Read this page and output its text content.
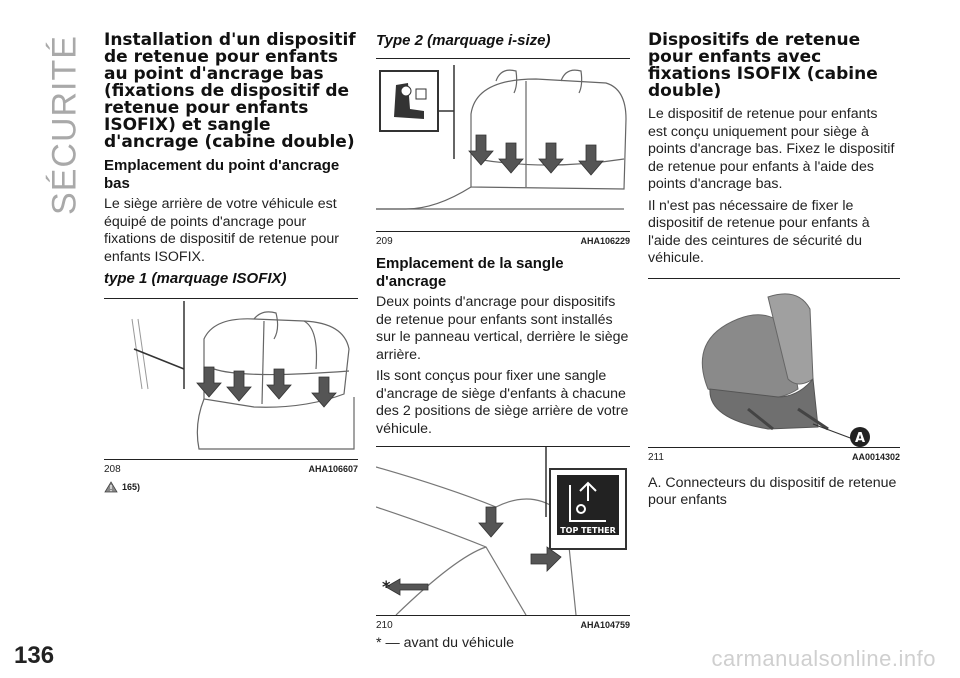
SÉCURITÉ Installation d'un dispositif de retenue pour enfants au point d'ancrage bas (fixations de dispositif de retenue pour enfants ISOFIX) et sangle d'ancrage (cabine double)
Emplacement du point d'ancrage bas
Le siège arrière de votre véhicule est équipé de points d'ancrage pour fixations de dispositif de retenue pour enfants ISOFIX.
type 1 (marquage ISOFIX)
208	AHA106607
165)
Type 2 (marquage i-size)
209	AHA106229
Emplacement de la sangle d'ancrage
Deux points d'ancrage pour dispositifs de retenue pour enfants sont installés sur le panneau vertical, derrière le siège arrière.
Ils sont conçus pour fixer une sangle d'ancrage de siège d'enfants à chacune des 2 positions de siège arrière de votre véhicule.
TOP TETHER
*
210	AHA104759
* — avant du véhicule
Dispositifs de retenue pour enfants avec fixations ISOFIX (cabine double)
Le dispositif de retenue pour enfants est conçu uniquement pour siège à points d'ancrage bas. Fixez le dispositif de retenue pour enfants à l'aide des points d'ancrage bas.
Il n'est pas nécessaire de fixer le dispositif de retenue pour enfants à l'aide des ceintures de sécurité du véhicule.
A
211	AA0014302
A. Connecteurs du dispositif de retenue pour enfants
136	carmanualsonline.info
